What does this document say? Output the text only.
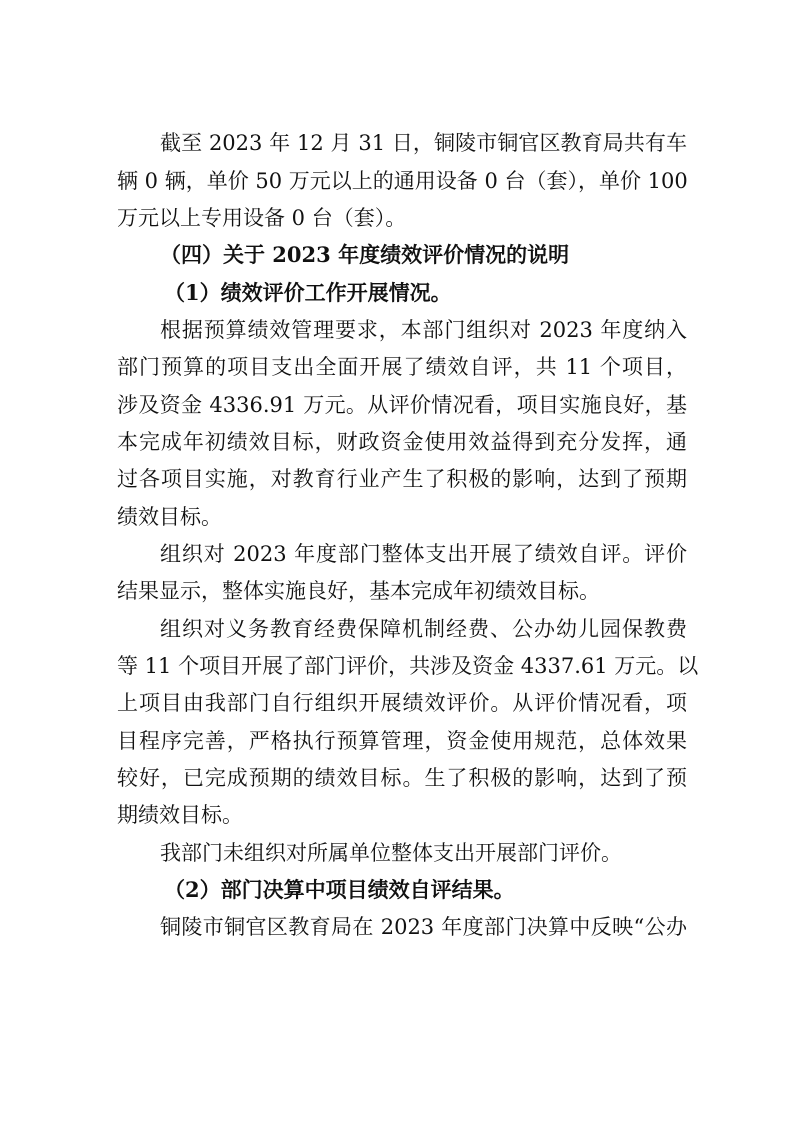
截至 2023 年 12 月 31 日，铜陵市铜官区教育局共有车
辆 0 辆，单价 50 万元以上的通用设备 0 台（套），单价 100
万元以上专用设备 0 台（套）。
（四）关于 2023 年度绩效评价情况的说明
（1）绩效评价工作开展情况。
根据预算绩效管理要求，本部门组织对 2023 年度纳入
部门预算的项目支出全面开展了绩效自评，共 11 个项目，
涉及资金 4336.91 万元。从评价情况看，项目实施良好，基
本完成年初绩效目标，财政资金使用效益得到充分发挥，通
过各项目实施，对教育行业产生了积极的影响，达到了预期
绩效目标。
组织对 2023 年度部门整体支出开展了绩效自评。评价
结果显示，整体实施良好，基本完成年初绩效目标。
组织对义务教育经费保障机制经费、公办幼儿园保教费
等 11 个项目开展了部门评价，共涉及资金 4337.61 万元。以
上项目由我部门自行组织开展绩效评价。从评价情况看，项
目程序完善，严格执行预算管理，资金使用规范，总体效果
较好，已完成预期的绩效目标。生了积极的影响，达到了预
期绩效目标。
我部门未组织对所属单位整体支出开展部门评价。
（2）部门决算中项目绩效自评结果。
铜陵市铜官区教育局在 2023 年度部门决算中反映“公办
